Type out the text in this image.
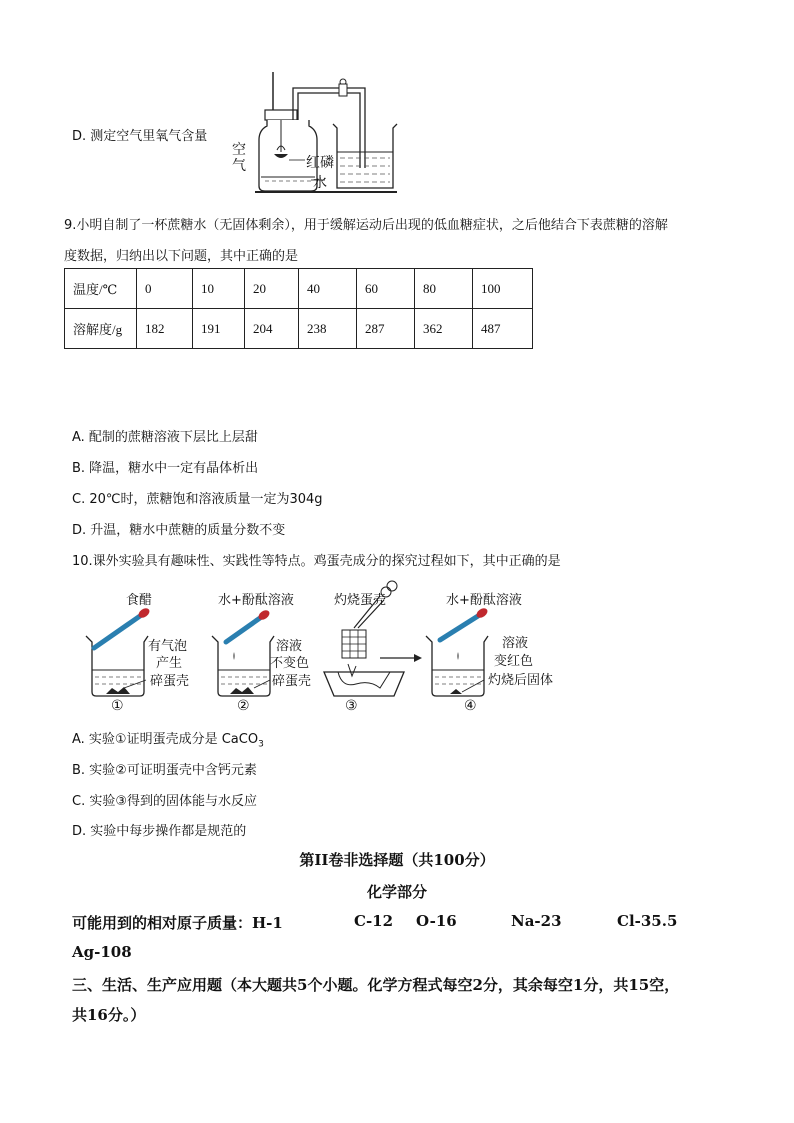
D. 测定空气里氧气含量
空气	红磷
水
9.小明自制了一杯蔗糖水（无固体剩余），用于缓解运动后出现的低血糖症状，之后他结合下表蔗糖的溶解
度数据，归纳出以下问题，其中正确的是
温度/℃	0	10	20	40	60	80	100
溶解度/g	182	191	204	238	287	362	487
A. 配制的蔗糖溶液下层比上层甜
B. 降温，糖水中一定有晶体析出
C. 20℃时，蔗糖饱和溶液质量一定为304g
D. 升温，糖水中蔗糖的质量分数不变
10.课外实验具有趣味性、实践性等特点。鸡蛋壳成分的探究过程如下，其中正确的是
食醋
有气泡
产生
碎蛋壳
水+酚酞溶液
溶液
不变色
碎蛋壳
灼烧蛋壳	水+酚酞溶液
溶液
变红色
灼烧后固体
①	②	③	④
A. 实验①证明蛋壳成分是 CaCO$_3$
B. 实验②可证明蛋壳中含钙元素
C. 实验③得到的固体能与水反应
D. 实验中每步操作都是规范的
第II卷非选择题（共100分）
化学部分
可能用到的相对原子质量：H-1	C-12 O-16	Na-23	Cl-35.5
Ag-108
三、生活、生产应用题（本大题共5个小题。化学方程式每空2分，其余每空1分，共15空，
共16分。）
